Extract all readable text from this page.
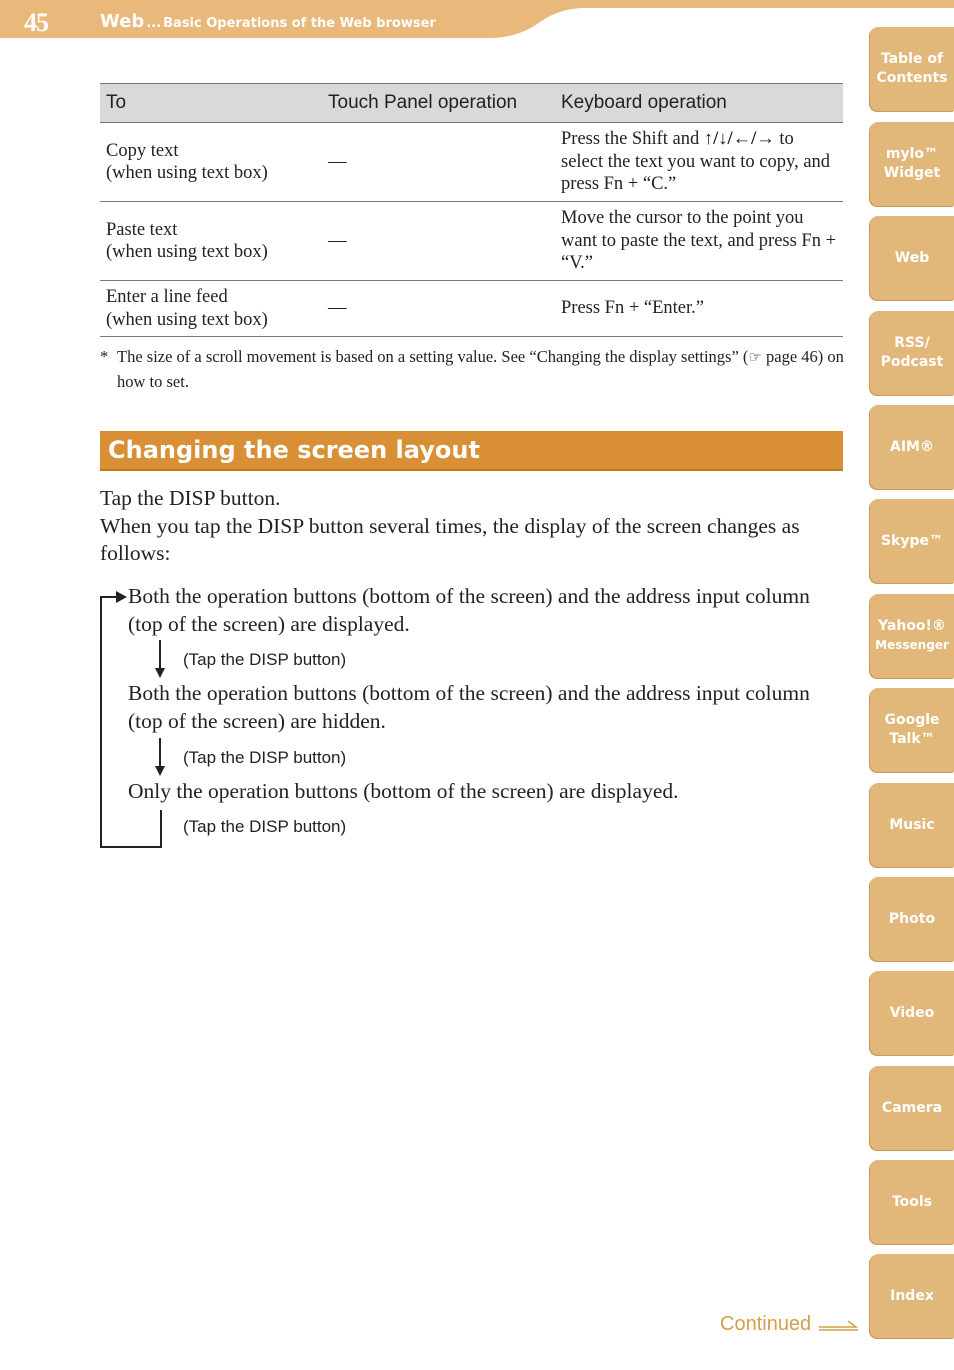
45	Web ... Basic Operations of the Web browser
To	Touch Panel operation	Keyboard operation
Copy text
(when using text box)	—	Press the Shift and ↑/↓/←/→ to select the text you want to copy, and press Fn + “C.”
Paste text
(when using text box)	—	Move the cursor to the point you want to paste the text, and press Fn + “V.”
Enter a line feed
(when using text box)	—	Press Fn + “Enter.”
* The size of a scroll movement is based on a setting value. See “Changing the display settings” (☞ page 46) on how to set.
Changing the screen layout

Tap the DISP button.

When you tap the DISP button several times, the display of the screen changes as follows:

Both the operation buttons (bottom of the screen) and the address input column (top of the screen) are displayed.
(Tap the DISP button)
Both the operation buttons (bottom of the screen) and the address input column (top of the screen) are hidden.
(Tap the DISP button)
Only the operation buttons (bottom of the screen) are displayed.
(Tap the DISP button)
Table of
Contents
mylo™
Widget
Web
RSS/
Podcast
AIM®
Skype™
Yahoo!®
Messenger
Google
Talk™
Music
Photo
Video
Camera
Tools
Index
Continued
